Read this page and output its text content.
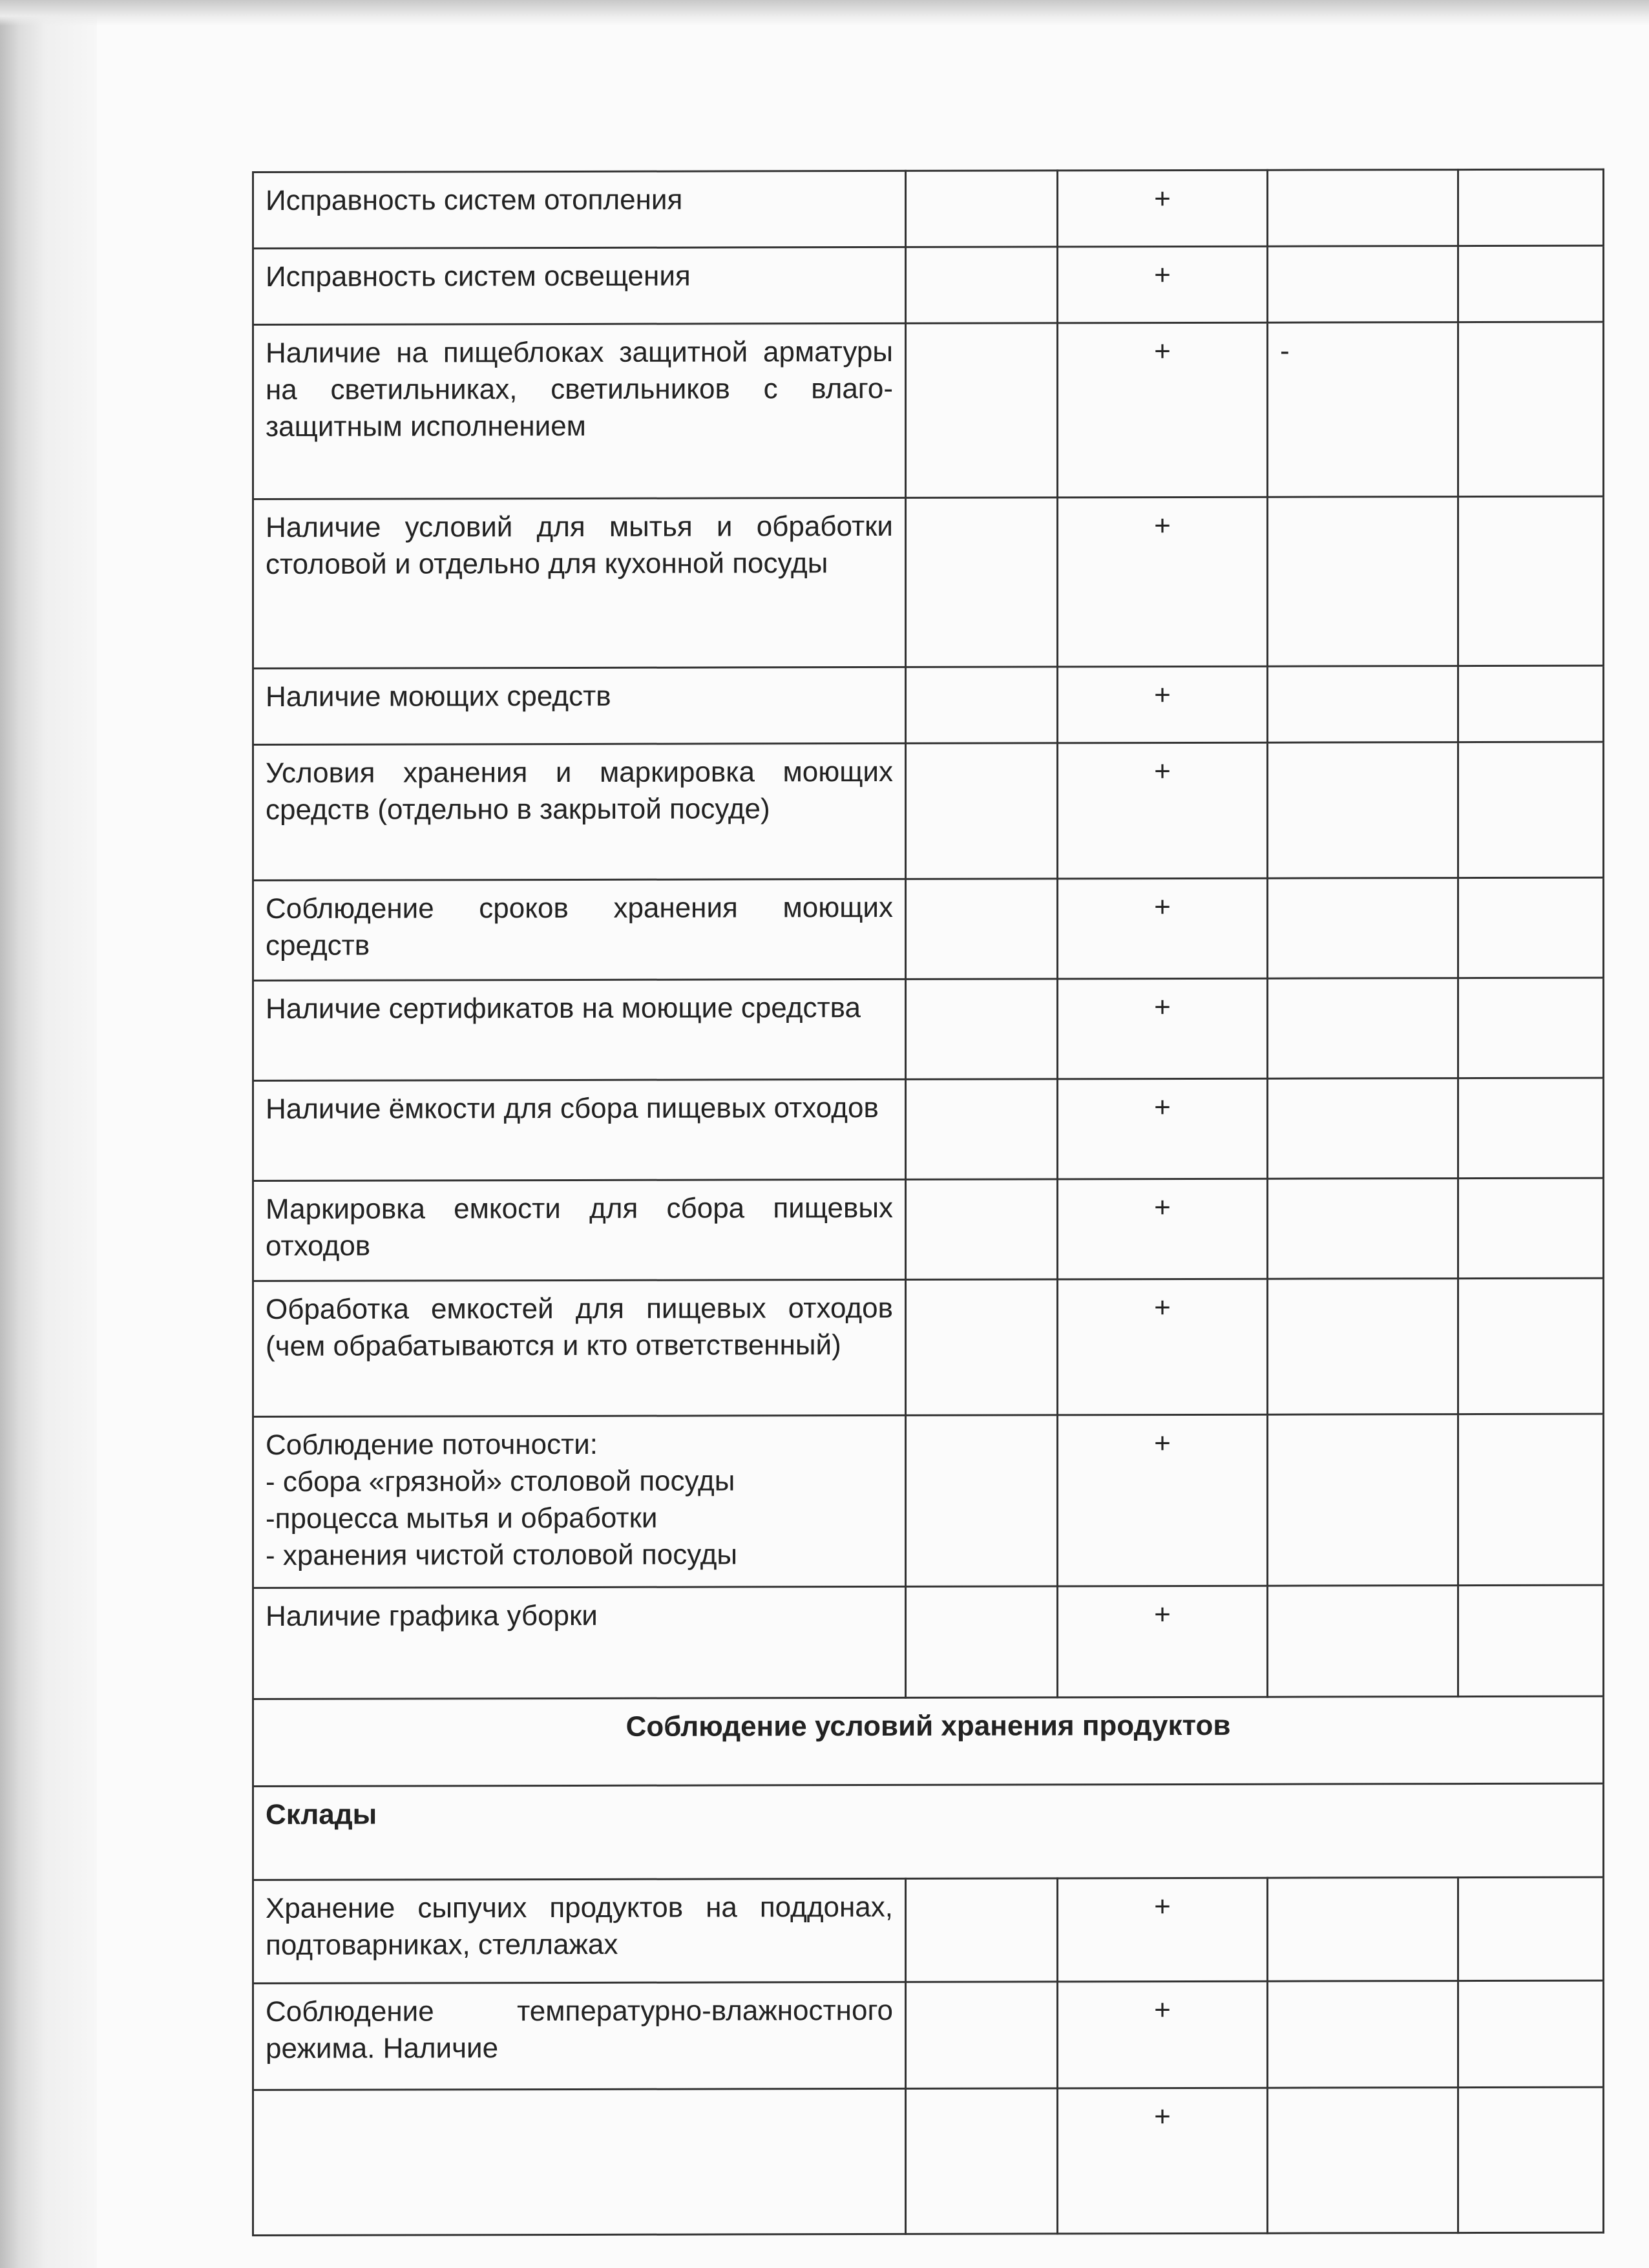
Исправность систем отопления		+		
Исправность систем освещения		+		
Наличие на пищеблоках защитной арматуры на светильниках, светильников с влаго-защитным исполнением		+	-	
Наличие условий для мытья и обработки столовой и отдельно для кухонной посуды		+		
Наличие моющих средств		+		
Условия хранения и маркировка моющих средств (отдельно в закрытой посуде)		+		
Соблюдение сроков хранения моющих средств		+		
Наличие сертификатов на моющие средства		+		
Наличие ёмкости для сбора пищевых отходов		+		
Маркировка емкости для сбора пищевых отходов		+		
Обработка емкостей для пищевых отходов (чем обрабатываются и кто ответственный)		+		

Соблюдение поточности:
- сбора «грязной» столовой посуды
-процесса мытья и обработки
- хранения чистой столовой посуды		+		
Наличие графика уборки		+		
Соблюдение условий хранения продуктов				
Склады				
Хранение сыпучих продуктов на поддонах, подтоварниках, стеллажах		+		
Соблюдение температурно-влажностного режима. Наличие		+		
		+		
